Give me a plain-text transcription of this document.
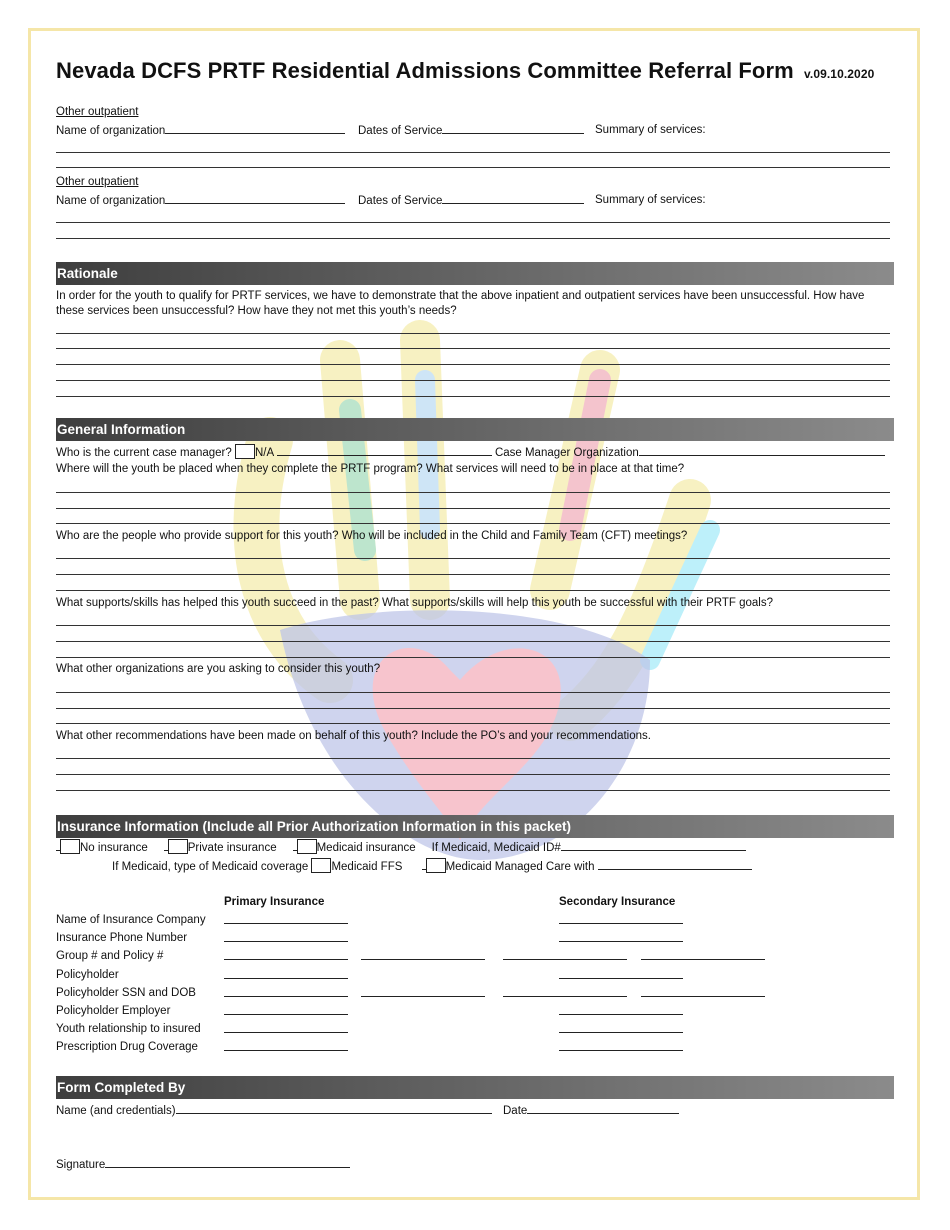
Nevada DCFS PRTF Residential Admissions Committee Referral Form v.09.10.2020
Other outpatient
Name of organization	Dates of Service	Summary of services:
Other outpatient
Name of organization	Dates of Service	Summary of services:
Rationale
In order for the youth to qualify for PRTF services, we have to demonstrate that the above inpatient and outpatient services have been unsuccessful. How have these services been unsuccessful? How have they not met this youth’s needs?
General Information
Who is the current case manager? N/A	Case Manager Organization
Where will the youth be placed when they complete the PRTF program? What services will need to be in place at that time?
Who are the people who provide support for this youth? Who will be included in the Child and Family Team (CFT) meetings?
What supports/skills has helped this youth succeed in the past? What supports/skills will help this youth be successful with their PRTF goals?
What other organizations are you asking to consider this youth?
What other recommendations have been made on behalf of this youth? Include the PO’s and your recommendations.
Insurance Information (Include all Prior Authorization Information in this packet)
No insurance	Private insurance	Medicaid insurance If Medicaid, Medicaid ID#
If Medicaid, type of Medicaid coverage Medicaid FFS	Medicaid Managed Care with
Primary Insurance	Secondary Insurance
Name of Insurance Company
Insurance Phone Number
Group # and Policy #
Policyholder
Policyholder SSN and DOB
Policyholder Employer
Youth relationship to insured
Prescription Drug Coverage
Form Completed By
Name (and credentials)	Date
Signature
